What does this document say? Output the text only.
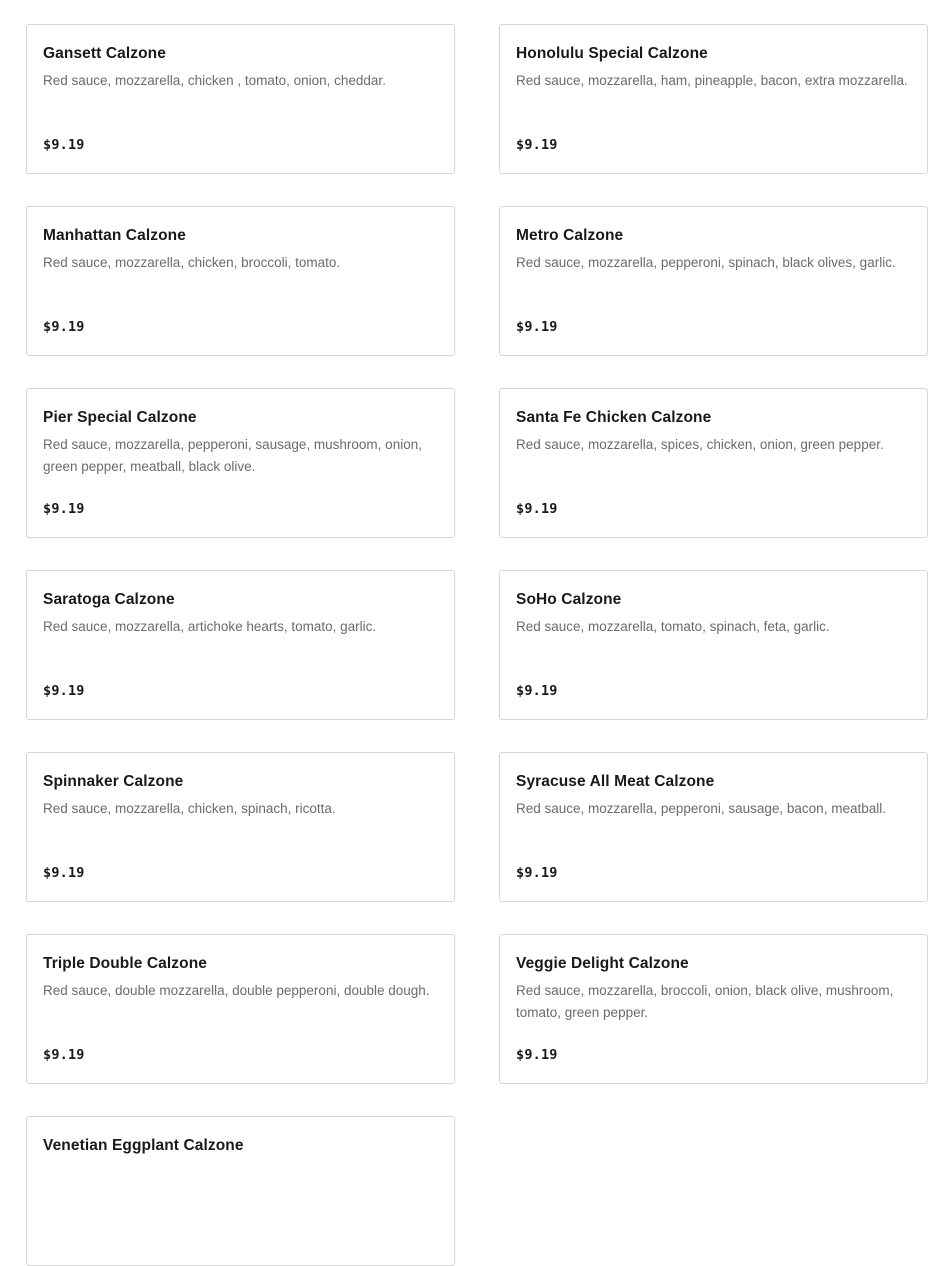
Gansett Calzone
Red sauce, mozzarella, chicken , tomato, onion, cheddar.
$9.19
Honolulu Special Calzone
Red sauce, mozzarella, ham, pineapple, bacon, extra mozzarella.
$9.19
Manhattan Calzone
Red sauce, mozzarella, chicken, broccoli, tomato.
$9.19
Metro Calzone
Red sauce, mozzarella, pepperoni, spinach, black olives, garlic.
$9.19
Pier Special Calzone
Red sauce, mozzarella, pepperoni, sausage, mushroom, onion, green pepper, meatball, black olive.
$9.19
Santa Fe Chicken Calzone
Red sauce, mozzarella, spices, chicken, onion, green pepper.
$9.19
Saratoga Calzone
Red sauce, mozzarella, artichoke hearts, tomato, garlic.
$9.19
SoHo Calzone
Red sauce, mozzarella, tomato, spinach, feta, garlic.
$9.19
Spinnaker Calzone
Red sauce, mozzarella, chicken, spinach, ricotta.
$9.19
Syracuse All Meat Calzone
Red sauce, mozzarella, pepperoni, sausage, bacon, meatball.
$9.19
Triple Double Calzone
Red sauce, double mozzarella, double pepperoni, double dough.
$9.19
Veggie Delight Calzone
Red sauce, mozzarella, broccoli, onion, black olive, mushroom, tomato, green pepper.
$9.19
Venetian Eggplant Calzone
